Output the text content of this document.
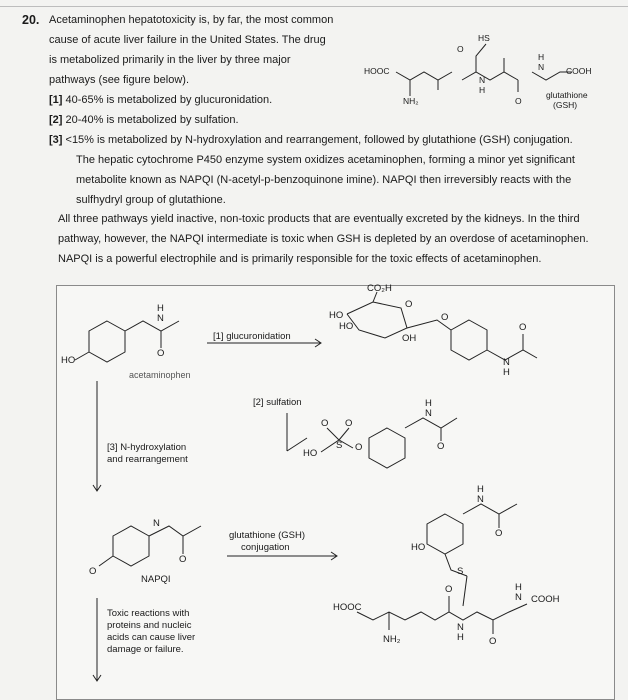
20. Acetaminophen hepatotoxicity is, by far, the most common
cause of acute liver failure in the United States. The drug
is metabolized primarily in the liver by three major
pathways (see figure below).
[1] 40-65% is metabolized by glucuronidation.
[2] 20-40% is metabolized by sulfation.
[3] <15% is metabolized by N-hydroxylation and rearrangement, followed by glutathione (GSH) conjugation.
The hepatic cytochrome P450 enzyme system oxidizes acetaminophen, forming a minor yet significant
metabolite known as NAPQI (N-acetyl-p-benzoquinone imine). NAPQI then irreversibly reacts with the
sulfhydryl group of glutathione.
All three pathways yield inactive, non-toxic products that are eventually excreted by the kidneys. In the third
pathway, however, the NAPQI intermediate is toxic when GSH is depleted by an overdose of acetaminophen.
NAPQI is a powerful electrophile and is primarily responsible for the toxic effects of acetaminophen.
HS
O
HOOC	COOH
H
N
N
H
NH₂	O
glutathione
(GSH)
HO
H
N
O
acetaminophen
[1] glucuronidation
CO₂H
HO
HO
OH
O
O
O
N
H
[2] sulfation
HO
S
O O
O
H
N
O
[3] N-hydroxylation
and rearrangement
N
O
O
NAPQI
glutathione (GSH)
conjugation	HO
S
HOOC
COOH
NH₂
H
N
O
H
N
O
N
H	O
Toxic reactions with
proteins and nucleic
acids can cause liver
damage or failure.
